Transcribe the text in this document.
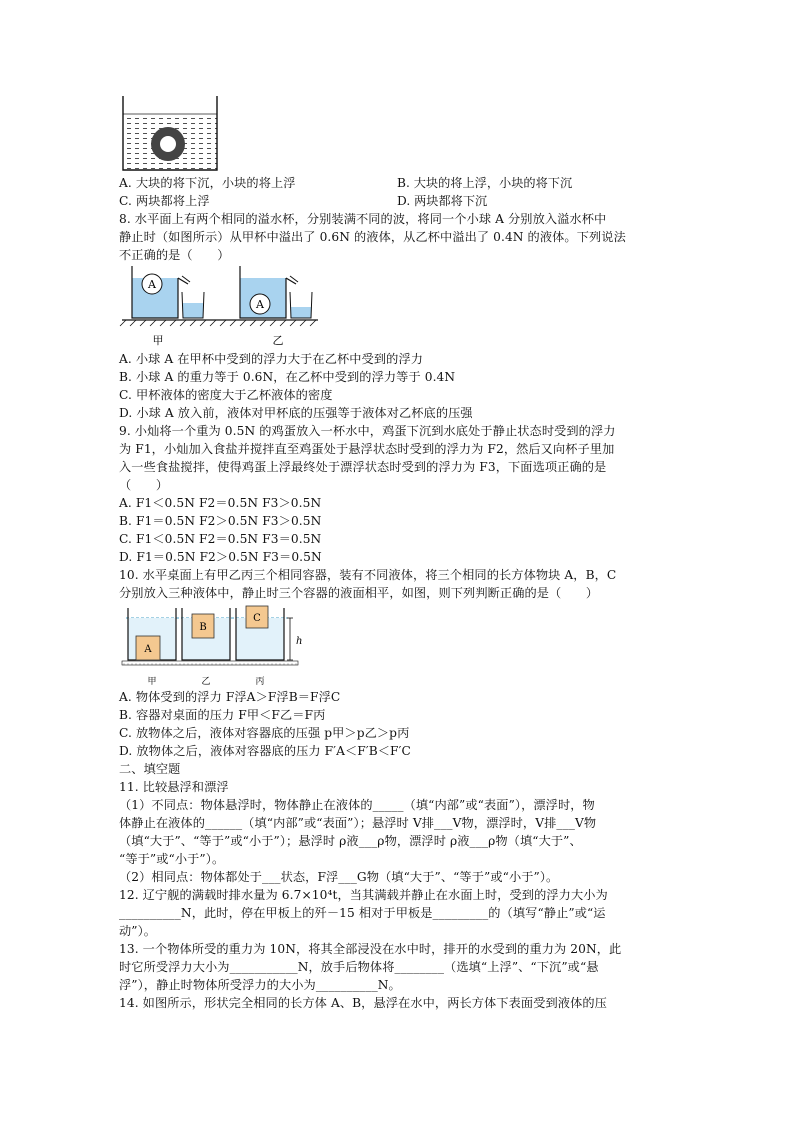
A. 大块的将下沉，小块的将上浮	B. 大块的将上浮，小块的将下沉
C. 两块都将上浮	D. 两块都将下沉
8. 水平面上有两个相同的溢水杯，分别装满不同的波，将同一个小球 A 分别放入溢水杯中
静止时（如图所示）从甲杯中溢出了 0.6N 的液体，从乙杯中溢出了 0.4N 的液体。下列说法
不正确的是（　　）
A
A
甲	乙
A. 小球 A 在甲杯中受到的浮力大于在乙杯中受到的浮力
B. 小球 A 的重力等于 0.6N，在乙杯中受到的浮力等于 0.4N
C. 甲杯液体的密度大于乙杯液体的密度
D. 小球 A 放入前，液体对甲杯底的压强等于液体对乙杯底的压强
9. 小灿将一个重为 0.5N 的鸡蛋放入一杯水中，鸡蛋下沉到水底处于静止状态时受到的浮力
为 F1，小灿加入食盐并搅拌直至鸡蛋处于悬浮状态时受到的浮力为 F2，然后又向杯子里加
入一些食盐搅拌，使得鸡蛋上浮最终处于漂浮状态时受到的浮力为 F3，下面选项正确的是
（　　）
A. F1＜0.5N F2＝0.5N F3＞0.5N
B. F1＝0.5N F2＞0.5N F3＞0.5N
C. F1＜0.5N F2＝0.5N F3＝0.5N
D. F1＝0.5N F2＞0.5N F3＝0.5N
10. 水平桌面上有甲乙丙三个相同容器，装有不同液体，将三个相同的长方体物块 A，B，C
分别放入三种液体中，静止时三个容器的液面相平，如图，则下列判断正确的是（　　）
A
B
C
h
甲	乙	丙
A. 物体受到的浮力 F浮A＞F浮B＝F浮C
B. 容器对桌面的压力 F甲＜F乙＝F丙
C. 放物体之后，液体对容器底的压强 p甲＞p乙＞p丙
D. 放物体之后，液体对容器底的压力 F′A＜F′B＜F′C
二、填空题
11. 比较悬浮和漂浮
（1）不同点：物体悬浮时，物体静止在液体的_____（填“内部”或“表面”），漂浮时，物
体静止在液体的______（填“内部”或“表面”）；悬浮时 V排___V物，漂浮时，V排___V物
（填“大于”、“等于”或“小于”）；悬浮时 ρ液___ρ物，漂浮时 ρ液___ρ物（填“大于”、
“等于”或“小于”）。
（2）相同点：物体都处于___状态，F浮___G物（填“大于”、“等于”或“小于”）。
12. 辽宁舰的满载时排水量为 6.7×10⁴t，当其满载并静止在水面上时，受到的浮力大小为
__________N，此时，停在甲板上的歼－15 相对于甲板是_________的（填写“静止”或“运
动”）。
13. 一个物体所受的重力为 10N，将其全部浸没在水中时，排开的水受到的重力为 20N，此
时它所受浮力大小为___________N，放手后物体将________（选填“上浮”、“下沉”或“悬
浮”），静止时物体所受浮力的大小为__________N。
14. 如图所示，形状完全相同的长方体 A、B，悬浮在水中，两长方体下表面受到液体的压
